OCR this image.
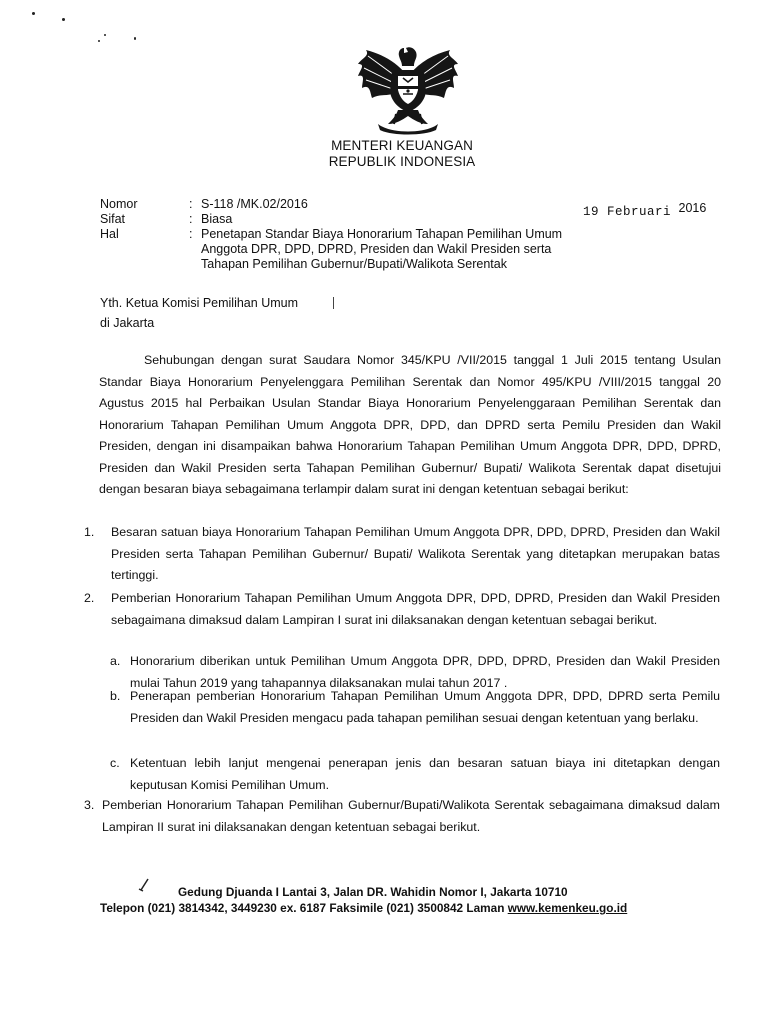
MENTERI KEUANGAN
REPUBLIK INDONESIA
Nomor	: S-118 /MK.02/2016
Sifat	: Biasa
Hal	: Penetapan Standar Biaya Honorarium Tahapan Pemilihan Umum
Anggota DPR, DPD, DPRD, Presiden dan Wakil Presiden serta
Tahapan Pemilihan Gubernur/Bupati/Walikota Serentak
19 Februari 2016
Yth. Ketua Komisi Pemilihan Umum
di Jakarta
Sehubungan dengan surat Saudara Nomor 345/KPU /VII/2015 tanggal 1 Juli 2015 tentang Usulan Standar Biaya Honorarium Penyelenggara Pemilihan Serentak dan Nomor 495/KPU /VIII/2015 tanggal 20 Agustus 2015 hal Perbaikan Usulan Standar Biaya Honorarium Penyelenggaraan Pemilihan Serentak dan Honorarium Tahapan Pemilihan Umum Anggota DPR, DPD, dan DPRD serta Pemilu Presiden dan Wakil Presiden, dengan ini disampaikan bahwa Honorarium Tahapan Pemilihan Umum Anggota DPR, DPD, DPRD, Presiden dan Wakil Presiden serta Tahapan Pemilihan Gubernur/ Bupati/ Walikota Serentak dapat disetujui dengan besaran biaya sebagaimana terlampir dalam surat ini dengan ketentuan sebagai berikut:
1. Besaran satuan biaya Honorarium Tahapan Pemilihan Umum Anggota DPR, DPD, DPRD, Presiden dan Wakil Presiden serta Tahapan Pemilihan Gubernur/ Bupati/ Walikota Serentak yang ditetapkan merupakan batas tertinggi.
2. Pemberian Honorarium Tahapan Pemilihan Umum Anggota DPR, DPD, DPRD, Presiden dan Wakil Presiden sebagaimana dimaksud dalam Lampiran I surat ini dilaksanakan dengan ketentuan sebagai berikut.
a. Honorarium diberikan untuk Pemilihan Umum Anggota DPR, DPD, DPRD, Presiden dan Wakil Presiden mulai Tahun 2019 yang tahapannya dilaksanakan mulai tahun 2017 .
b. Penerapan pemberian Honorarium Tahapan Pemilihan Umum Anggota DPR, DPD, DPRD serta Pemilu Presiden dan Wakil Presiden mengacu pada tahapan pemilihan sesuai dengan ketentuan yang berlaku.
c. Ketentuan lebih lanjut mengenai penerapan jenis dan besaran satuan biaya ini ditetapkan dengan keputusan Komisi Pemilihan Umum.
3. Pemberian Honorarium Tahapan Pemilihan Gubernur/Bupati/Walikota Serentak sebagaimana dimaksud dalam Lampiran II surat ini dilaksanakan dengan ketentuan sebagai berikut.
Gedung Djuanda I Lantai 3, Jalan DR. Wahidin Nomor I, Jakarta 10710
Telepon (021) 3814342, 3449230 ex. 6187 Faksimile (021) 3500842 Laman www.kemenkeu.go.id
